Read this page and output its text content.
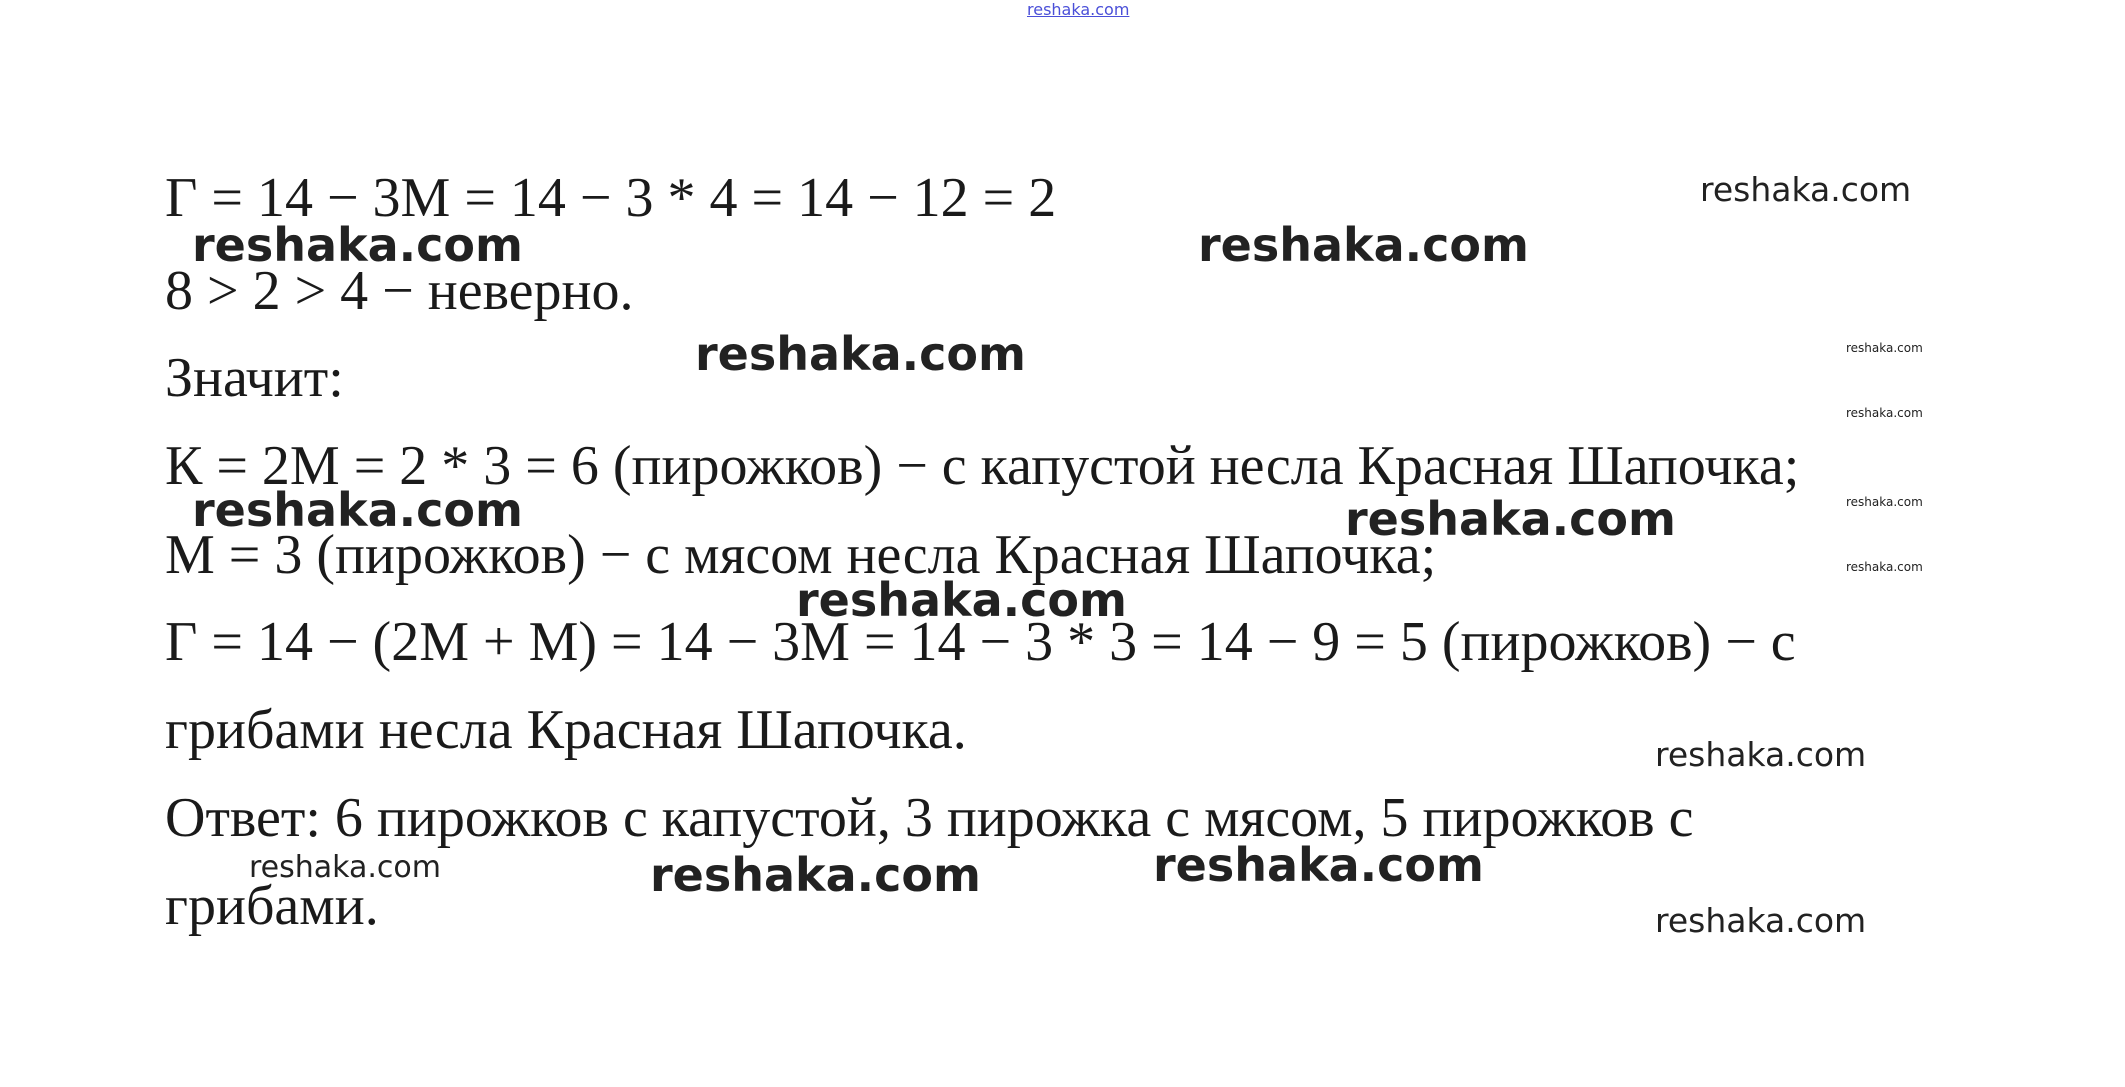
reshaka.com

Г = 14 − 3М = 14 − 3 * 4 = 14 − 12 = 2

8 > 2 > 4 − неверно.

Значит:

К = 2М = 2 * 3 = 6 (пирожков) − с капустой несла Красная Шапочка;

М = 3 (пирожков) − с мясом несла Красная Шапочка;

Г = 14 − (2М + М) = 14 − 3М = 14 − 3 * 3 = 14 − 9 = 5 (пирожков) − с

грибами несла Красная Шапочка.

Ответ: 6 пирожков с капустой, 3 пирожка с мясом, 5 пирожков с

грибами.

reshaka.com

reshaka.com	reshaka.com

reshaka.com	reshaka.com

reshaka.com

reshaka.com	reshaka.com

reshaka.com

reshaka.com

reshaka.com

reshaka.com

reshaka.com	reshaka.com

reshaka.com

reshaka.com
